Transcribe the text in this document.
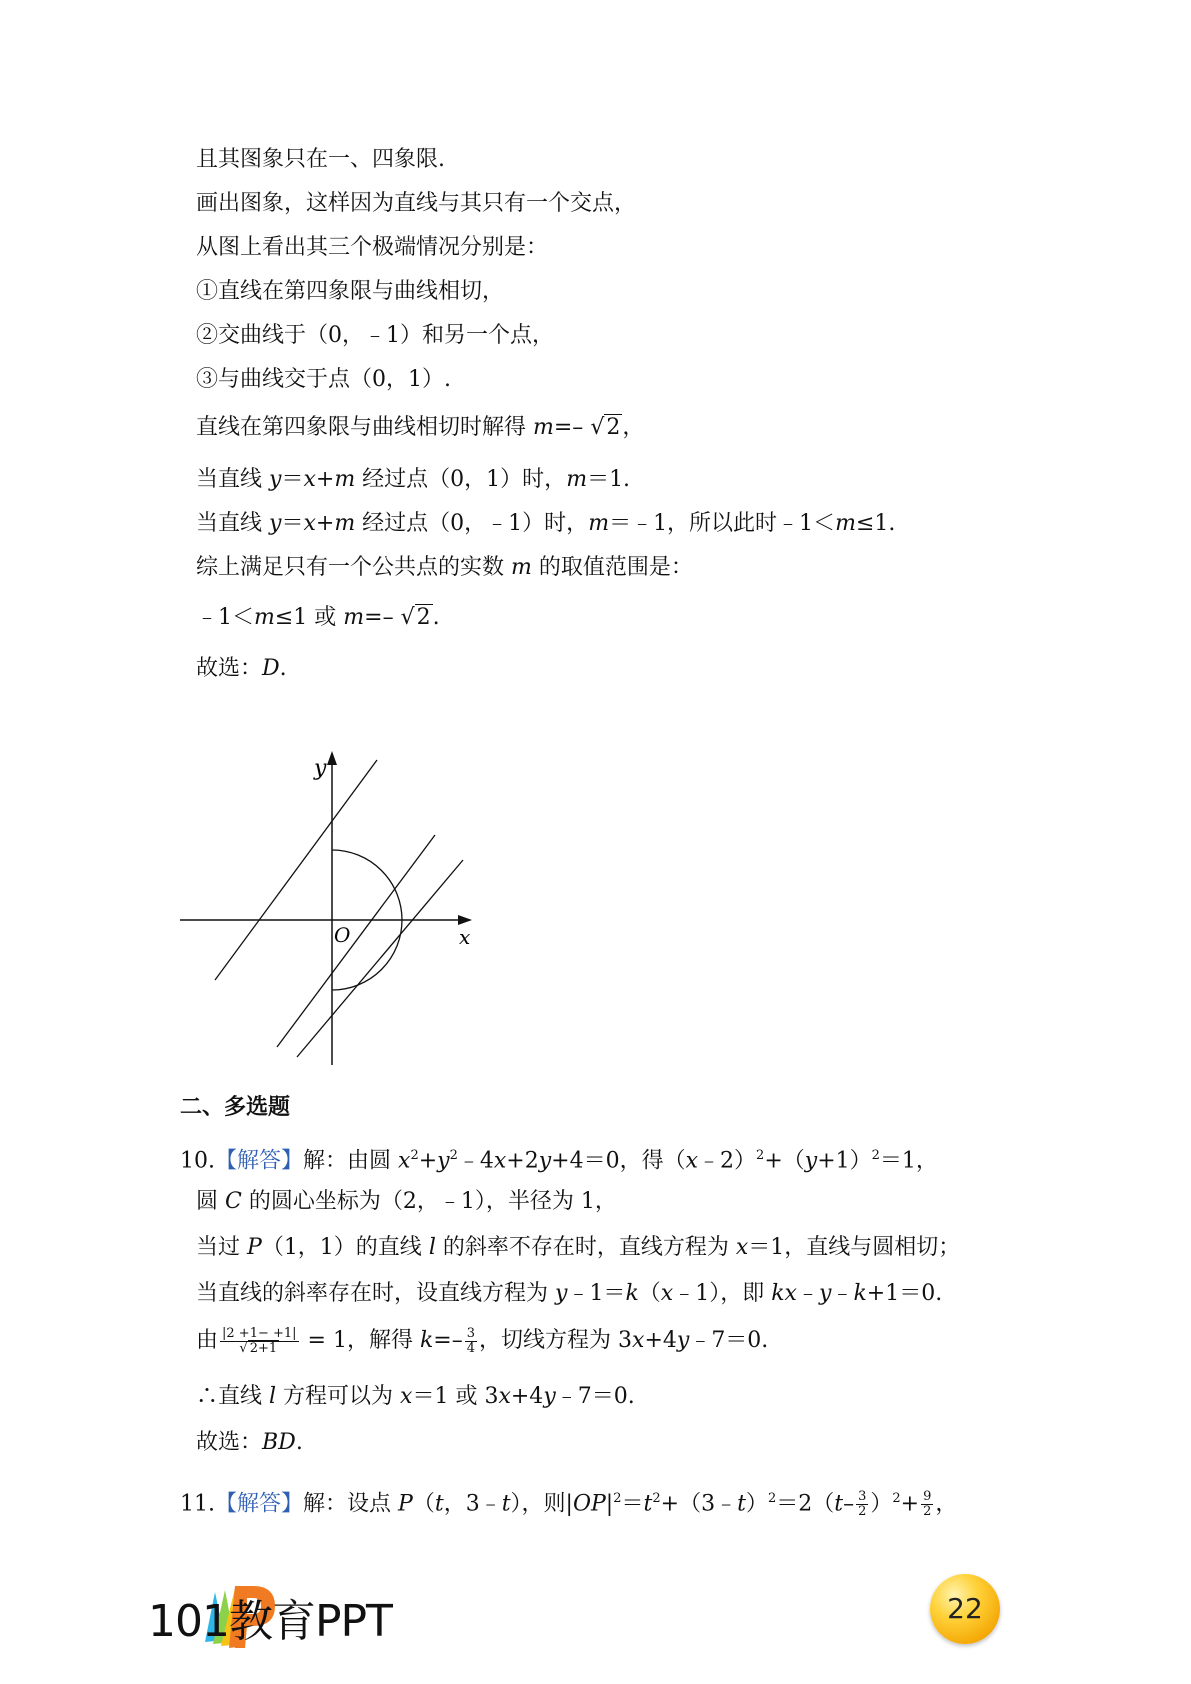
且其图象只在一、四象限.
画出图象，这样因为直线与其只有一个交点，
从图上看出其三个极端情况分别是：
①直线在第四象限与曲线相切，
②交曲线于（0，﹣1）和另一个点，
③与曲线交于点（0，1）.
直线在第四象限与曲线相切时解得 m=– √2，
当直线 y＝x+m 经过点（0，1）时，m＝1.
当直线 y＝x+m 经过点（0，﹣1）时，m＝﹣1，所以此时﹣1＜m≤1.
综上满足只有一个公共点的实数 m 的取值范围是：
﹣1＜m≤1 或 m=– √2.
故选：D.
y
x
O
二、多选题
10.【解答】解：由圆 $x^2+y^2﹣4x+2y+4=0$，得$(x﹣2)^2+(y+1)^2=1$，
圆 C 的圆心坐标为（2，﹣1），半径为 1，
当过 P（1，1）的直线 l 的斜率不存在时，直线方程为 x＝1，直线与圆相切；
当直线的斜率存在时，设直线方程为 y﹣1＝k（x﹣1），即 kx﹣y﹣k+1＝0.
由 $\frac{|2 +1- +1|}{√ 2+1} = 1$，解得 $k=- \frac{3}{4}$ ，切线方程为 3x+4y﹣7＝0.
∴直线 l 方程可以为 x＝1 或 3x+4y﹣7＝0.
故选：BD.
11.【解答】解：设点 P（t，3﹣t），则$|OP|^2=t^2+(3﹣t)^2=2(t- \frac{3}{2} )^2+ \frac{9}{2}$ ，
101教育PPT	22
